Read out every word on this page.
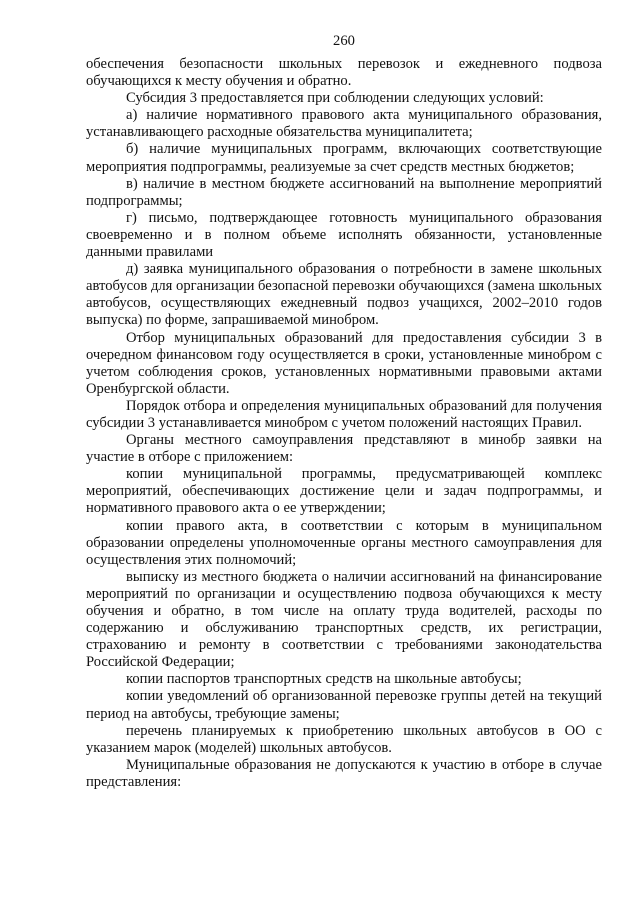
260

обеспечения безопасности школьных перевозок и ежедневного подвоза обучающихся к месту обучения и обратно.

Субсидия 3 предоставляется при соблюдении следующих условий:

а) наличие нормативного правового акта муниципального образования, устанавливающего расходные обязательства муниципалитета;

б) наличие муниципальных программ, включающих соответствующие мероприятия подпрограммы, реализуемые за счет средств местных бюджетов;

в) наличие в местном бюджете ассигнований на выполнение мероприятий подпрограммы;

г) письмо, подтверждающее готовность муниципального образования своевременно и в полном объеме исполнять обязанности, установленные данными правилами

д) заявка муниципального образования о потребности в замене школьных автобусов для организации безопасной перевозки обучающихся (замена школьных автобусов, осуществляющих ежедневный подвоз учащихся, 2002–2010 годов выпуска) по форме, запрашиваемой минобром.

Отбор муниципальных образований для предоставления субсидии 3 в очередном финансовом году осуществляется в сроки, установленные минобром с учетом соблюдения сроков, установленных нормативными правовыми актами Оренбургской области.

Порядок отбора и определения муниципальных образований для получения субсидии 3 устанавливается минобром с учетом положений настоящих Правил.

Органы местного самоуправления представляют в минобр заявки на участие в отборе с приложением:

копии муниципальной программы, предусматривающей комплекс мероприятий, обеспечивающих достижение цели и задач подпрограммы, и нормативного правового акта о ее утверждении;

копии правого акта, в соответствии с которым в муниципальном образовании определены уполномоченные органы местного самоуправления для осуществления этих полномочий;

выписку из местного бюджета о наличии ассигнований на финансирование мероприятий по организации и осуществлению подвоза обучающихся к месту обучения и обратно, в том числе на оплату труда водителей, расходы по содержанию и обслуживанию транспортных средств, их регистрации, страхованию и ремонту в соответствии с требованиями законодательства Российской Федерации;

копии паспортов транспортных средств на школьные автобусы;

копии уведомлений об организованной перевозке группы детей на текущий период на автобусы, требующие замены;

перечень планируемых к приобретению школьных автобусов в ОО с указанием марок (моделей) школьных автобусов.

Муниципальные образования не допускаются к участию в отборе в случае представления:
